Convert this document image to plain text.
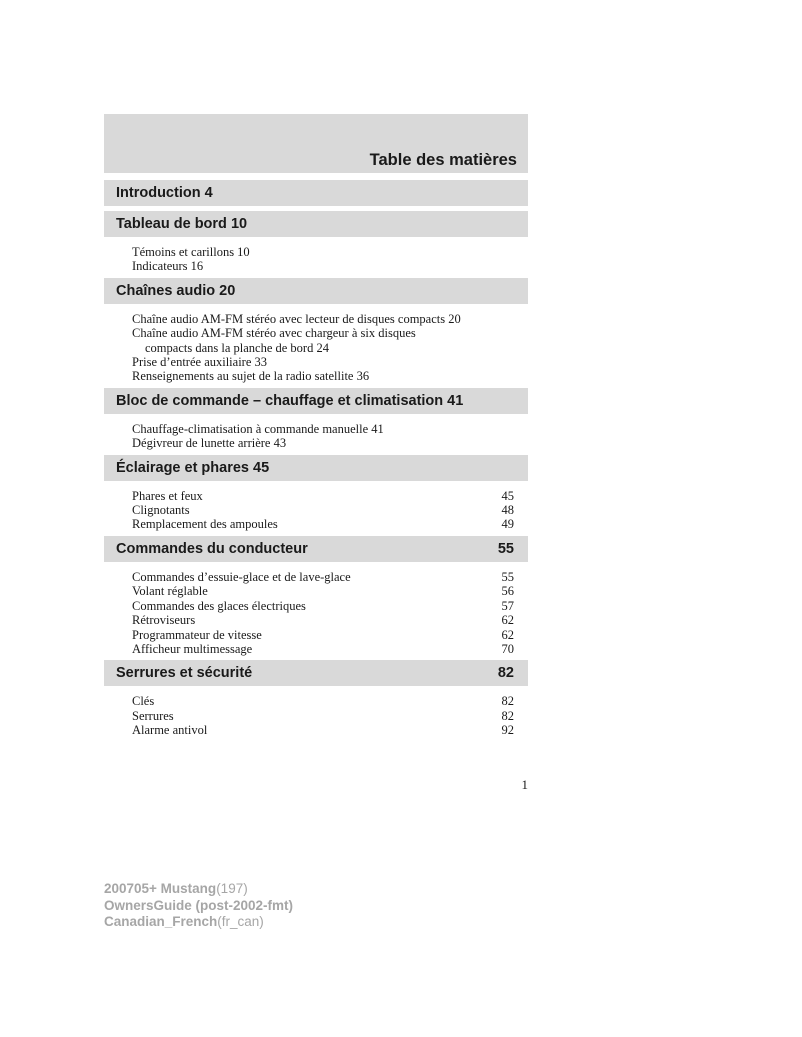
Table des matières
Introduction 4
Tableau de bord 10
Témoins et carillons 10
Indicateurs 16
Chaînes audio 20
Chaîne audio AM-FM stéréo avec lecteur de disques compacts 20
Chaîne audio AM-FM stéréo avec chargeur à six disques
compacts dans la planche de bord 24
Prise d’entrée auxiliaire 33
Renseignements au sujet de la radio satellite 36
Bloc de commande – chauffage et climatisation 41
Chauffage-climatisation à commande manuelle 41
Dégivreur de lunette arrière 43
Éclairage et phares 45
Phares et feux	45
Clignotants	48
Remplacement des ampoules	49
Commandes du conducteur	55
Commandes d’essuie-glace et de lave-glace	55
Volant réglable	56
Commandes des glaces électriques	57
Rétroviseurs	62
Programmateur de vitesse	62
Afficheur multimessage	70
Serrures et sécurité	82
Clés	82
Serrures	82
Alarme antivol	92
1
200705+ Mustang(197)
OwnersGuide (post-2002-fmt)
Canadian_French(fr_can)
